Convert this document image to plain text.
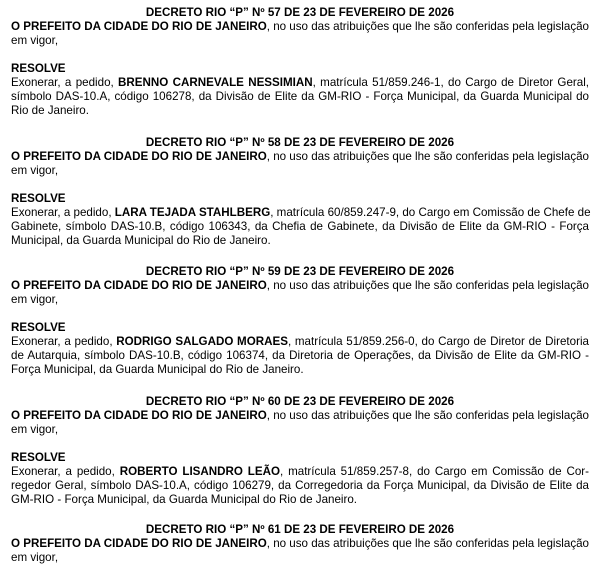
DECRETO RIO “P” Nº 57 DE 23 DE FEVEREIRO DE 2026
O PREFEITO DA CIDADE DO RIO DE JANEIRO, no uso das atribuições que lhe são conferidas pela legislação
em vigor,
RESOLVE
Exonerar, a pedido, BRENNO CARNEVALE NESSIMIAN, matrícula 51/859.246-1, do Cargo de Diretor Geral,
símbolo DAS-10.A, código 106278, da Divisão de Elite da GM-RIO - Força Municipal, da Guarda Municipal do
Rio de Janeiro.
DECRETO RIO “P” Nº 58 DE 23 DE FEVEREIRO DE 2026
O PREFEITO DA CIDADE DO RIO DE JANEIRO, no uso das atribuições que lhe são conferidas pela legislação
em vigor,
RESOLVE
Exonerar, a pedido, LARA TEJADA STAHLBERG, matrícula 60/859.247-9, do Cargo em Comissão de Chefe de
Gabinete, símbolo DAS-10.B, código 106343, da Chefia de Gabinete, da Divisão de Elite da GM-RIO - Força
Municipal, da Guarda Municipal do Rio de Janeiro.
DECRETO RIO “P” Nº 59 DE 23 DE FEVEREIRO DE 2026
O PREFEITO DA CIDADE DO RIO DE JANEIRO, no uso das atribuições que lhe são conferidas pela legislação
em vigor,
RESOLVE
Exonerar, a pedido, RODRIGO SALGADO MORAES, matrícula 51/859.256-0, do Cargo de Diretor de Diretoria
de Autarquia, símbolo DAS-10.B, código 106374, da Diretoria de Operações, da Divisão de Elite da GM-RIO -
Força Municipal, da Guarda Municipal do Rio de Janeiro.
DECRETO RIO “P” Nº 60 DE 23 DE FEVEREIRO DE 2026
O PREFEITO DA CIDADE DO RIO DE JANEIRO, no uso das atribuições que lhe são conferidas pela legislação
em vigor,
RESOLVE
Exonerar, a pedido, ROBERTO LISANDRO LEÃO, matrícula 51/859.257-8, do Cargo em Comissão de Cor-
regedor Geral, símbolo DAS-10.A, código 106279, da Corregedoria da Força Municipal, da Divisão de Elite da
GM-RIO - Força Municipal, da Guarda Municipal do Rio de Janeiro.
DECRETO RIO “P” Nº 61 DE 23 DE FEVEREIRO DE 2026
O PREFEITO DA CIDADE DO RIO DE JANEIRO, no uso das atribuições que lhe são conferidas pela legislação
em vigor,
